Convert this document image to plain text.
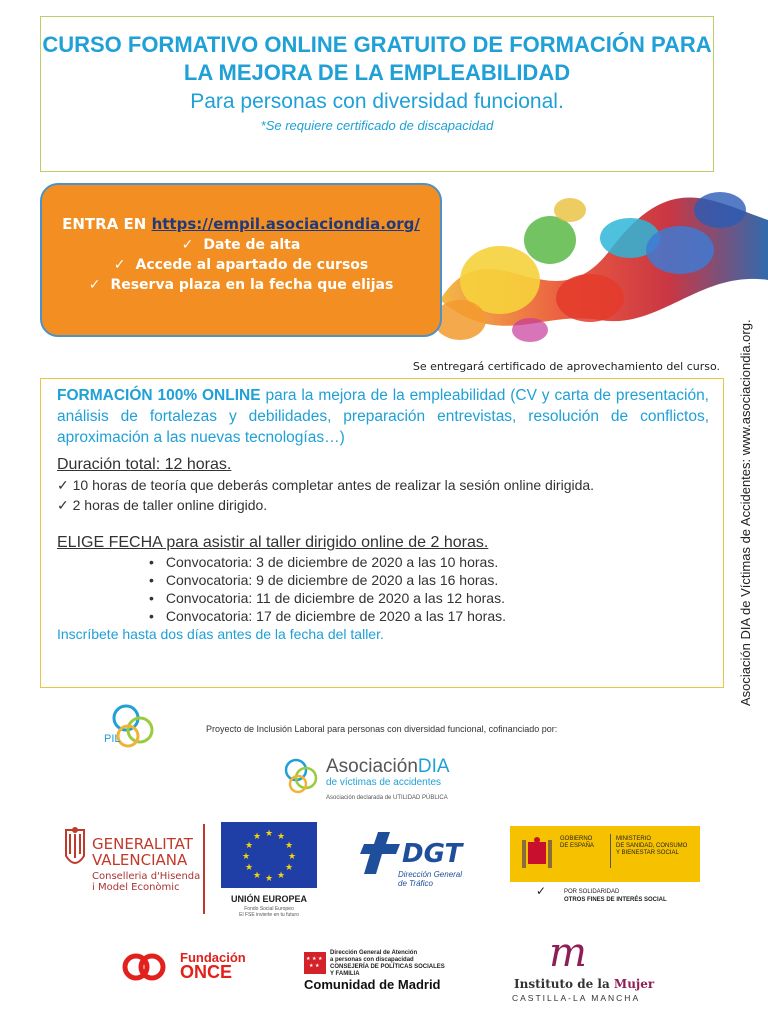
CURSO FORMATIVO ONLINE GRATUITO DE FORMACIÓN PARA LA MEJORA DE LA EMPLEABILIDAD
Para personas con diversidad funcional.
*Se requiere certificado de discapacidad
ENTRA EN https://empil.asociaciondia.org/
✓ Date de alta
✓ Accede al apartado de cursos
✓ Reserva plaza en la fecha que elijas
Se entregará certificado de aprovechamiento del curso. Asociación DIA de Víctimas de Accidentes: www.asociaciondia.org.
FORMACIÓN 100% ONLINE para la mejora de la empleabilidad (CV y carta de presentación, análisis de fortalezas y debilidades, preparación entrevistas, resolución de conflictos, aproximación a las nuevas tecnologías…)
Duración total: 12 horas.
✓ 10 horas de teoría que deberás completar antes de realizar la sesión online dirigida.
✓ 2 horas de taller online dirigido.
ELIGE FECHA para asistir al taller dirigido online de 2 horas.
• Convocatoria: 3 de diciembre de 2020 a las 10 horas.
• Convocatoria: 9 de diciembre de 2020 a las 16 horas.
• Convocatoria: 11 de diciembre de 2020 a las 12 horas.
• Convocatoria: 17 de diciembre de 2020 a las 17 horas.
Inscríbete hasta dos días antes de la fecha del taller.
PIL
Proyecto de Inclusión Laboral para personas con diversidad funcional, cofinanciado por:
AsociaciónDIA
de víctimas de accidentes
Asociación declarada de UTILIDAD PÚBLICA
GENERALITAT
VALENCIANA
Conselleria d'Hisenda
i Model Econòmic
★ ★
★
★
★
★
★
★
★
★
★
★
UNIÓN EUROPEA
Fondo Social Europeo
El FSE invierte en tu futuro
DGT
Dirección General
de Tráfico
GOBIERNO
DE ESPAÑA
MINISTERIO
DE SANIDAD, CONSUMO
Y BIENESTAR SOCIAL
✓	POR SOLIDARIDAD
OTROS FINES DE INTERÉS SOCIAL
Fundación
ONCE
★ ★ ★
★ ★
Dirección General de Atención
a personas con discapacidad
CONSEJERÍA DE POLÍTICAS SOCIALES
Y FAMILIA
Comunidad de Madrid
m
Instituto de la Mujer
CASTILLA-LA MANCHA
